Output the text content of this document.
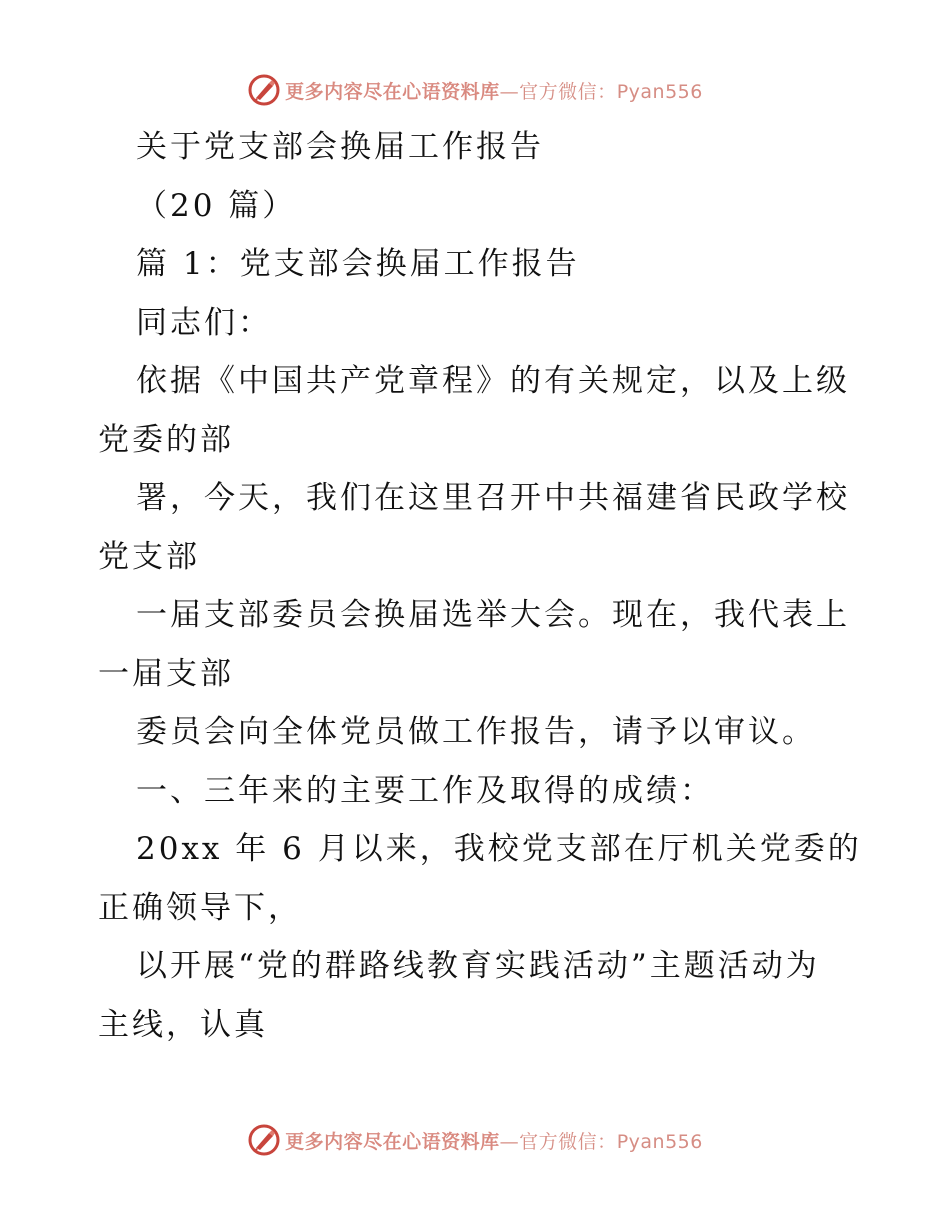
更多内容尽在心语资料库—官方微信：Pyan556
关于党支部会换届工作报告
（20 篇）
篇 1：党支部会换届工作报告
同志们：
依据《中国共产党章程》的有关规定，以及上级
党委的部
署，今天，我们在这里召开中共福建省民政学校
党支部
一届支部委员会换届选举大会。现在，我代表上
一届支部
委员会向全体党员做工作报告，请予以审议。
一、三年来的主要工作及取得的成绩：
20xx 年 6 月以来，我校党支部在厅机关党委的
正确领导下，
以开展“党的群路线教育实践活动”主题活动为
主线，认真
更多内容尽在心语资料库—官方微信：Pyan556
